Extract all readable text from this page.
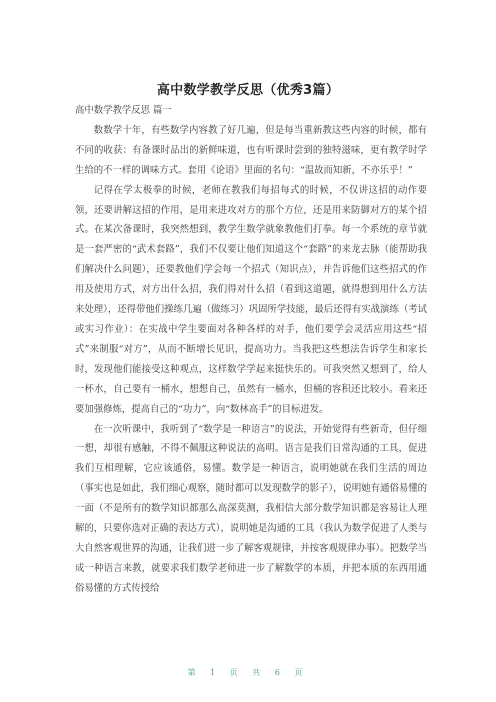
高中数学教学反思（优秀3篇）

高中数学教学反思 篇一

数数学十年，有些数学内容教了好几遍，但是每当重新教这些内容的时候，都有不同的收获：有备课时品出的新鲜味道，也有听课时尝到的独特滋味，更有教学时学生给的不一样的调味方式。套用《论语》里面的名句：“温故而知新，不亦乐乎！”

记得在学太极拳的时候，老师在教我们每招每式的时候，不仅讲这招的动作要领，还要讲解这招的作用，是用来进攻对方的那个方位，还是用来防御对方的某个招式。在某次备课时，我突然想到，教学生数学就象教他们打拳。每一个系统的章节就是一套严密的“武术套路”，我们不仅要让他们知道这个“套路”的来龙去脉（能帮助我们解决什么问题），还要教他们学会每一个招式（知识点），并告诉他们这些招式的作用及使用方式，对方出什么招，我们得对什么招（看到这道题，就得想到用什么方法来处理），还得带他们操练几遍（做练习）巩固所学技能，最后还得有实战演练（考试或实习作业）：在实战中学生要面对各种各样的对手，他们要学会灵活应用这些“招式”来制服“对方”，从而不断增长见识，提高功力。当我把这些想法告诉学生和家长时，发现他们能接受这种观点，这样数学学起来挺快乐的。可我突然又想到了，给人一杯水，自己要有一桶水，想想自己，虽然有一桶水，但桶的容积还比较小。看来还要加强修炼，提高自己的“功力”，向“数林高手”的目标进发。

在一次听课中，我听到了“数学是一种语言”的说法，开始觉得有些新奇，但仔细一想，却很有感触，不得不佩服这种说法的高明。语言是我们日常沟通的工具，促进我们互相理解，它应该通俗，易懂。数学是一种语言，说明她就在我们生活的周边（事实也是如此，我们细心观察，随时都可以发现数学的影子），说明她有通俗易懂的一面（不是所有的数学知识都那么高深莫测，我相信大部分数学知识都是容易让人理解的，只要你选对正确的表达方式），说明她是沟通的工具（我认为数学促进了人类与大自然客观世界的沟通，让我们进一步了解客观规律，并按客观规律办事）。把数学当成一种语言来教，就要求我们数学老师进一步了解数学的本质，并把本质的东西用通俗易懂的方式传授给

第 1 页 共 6 页
